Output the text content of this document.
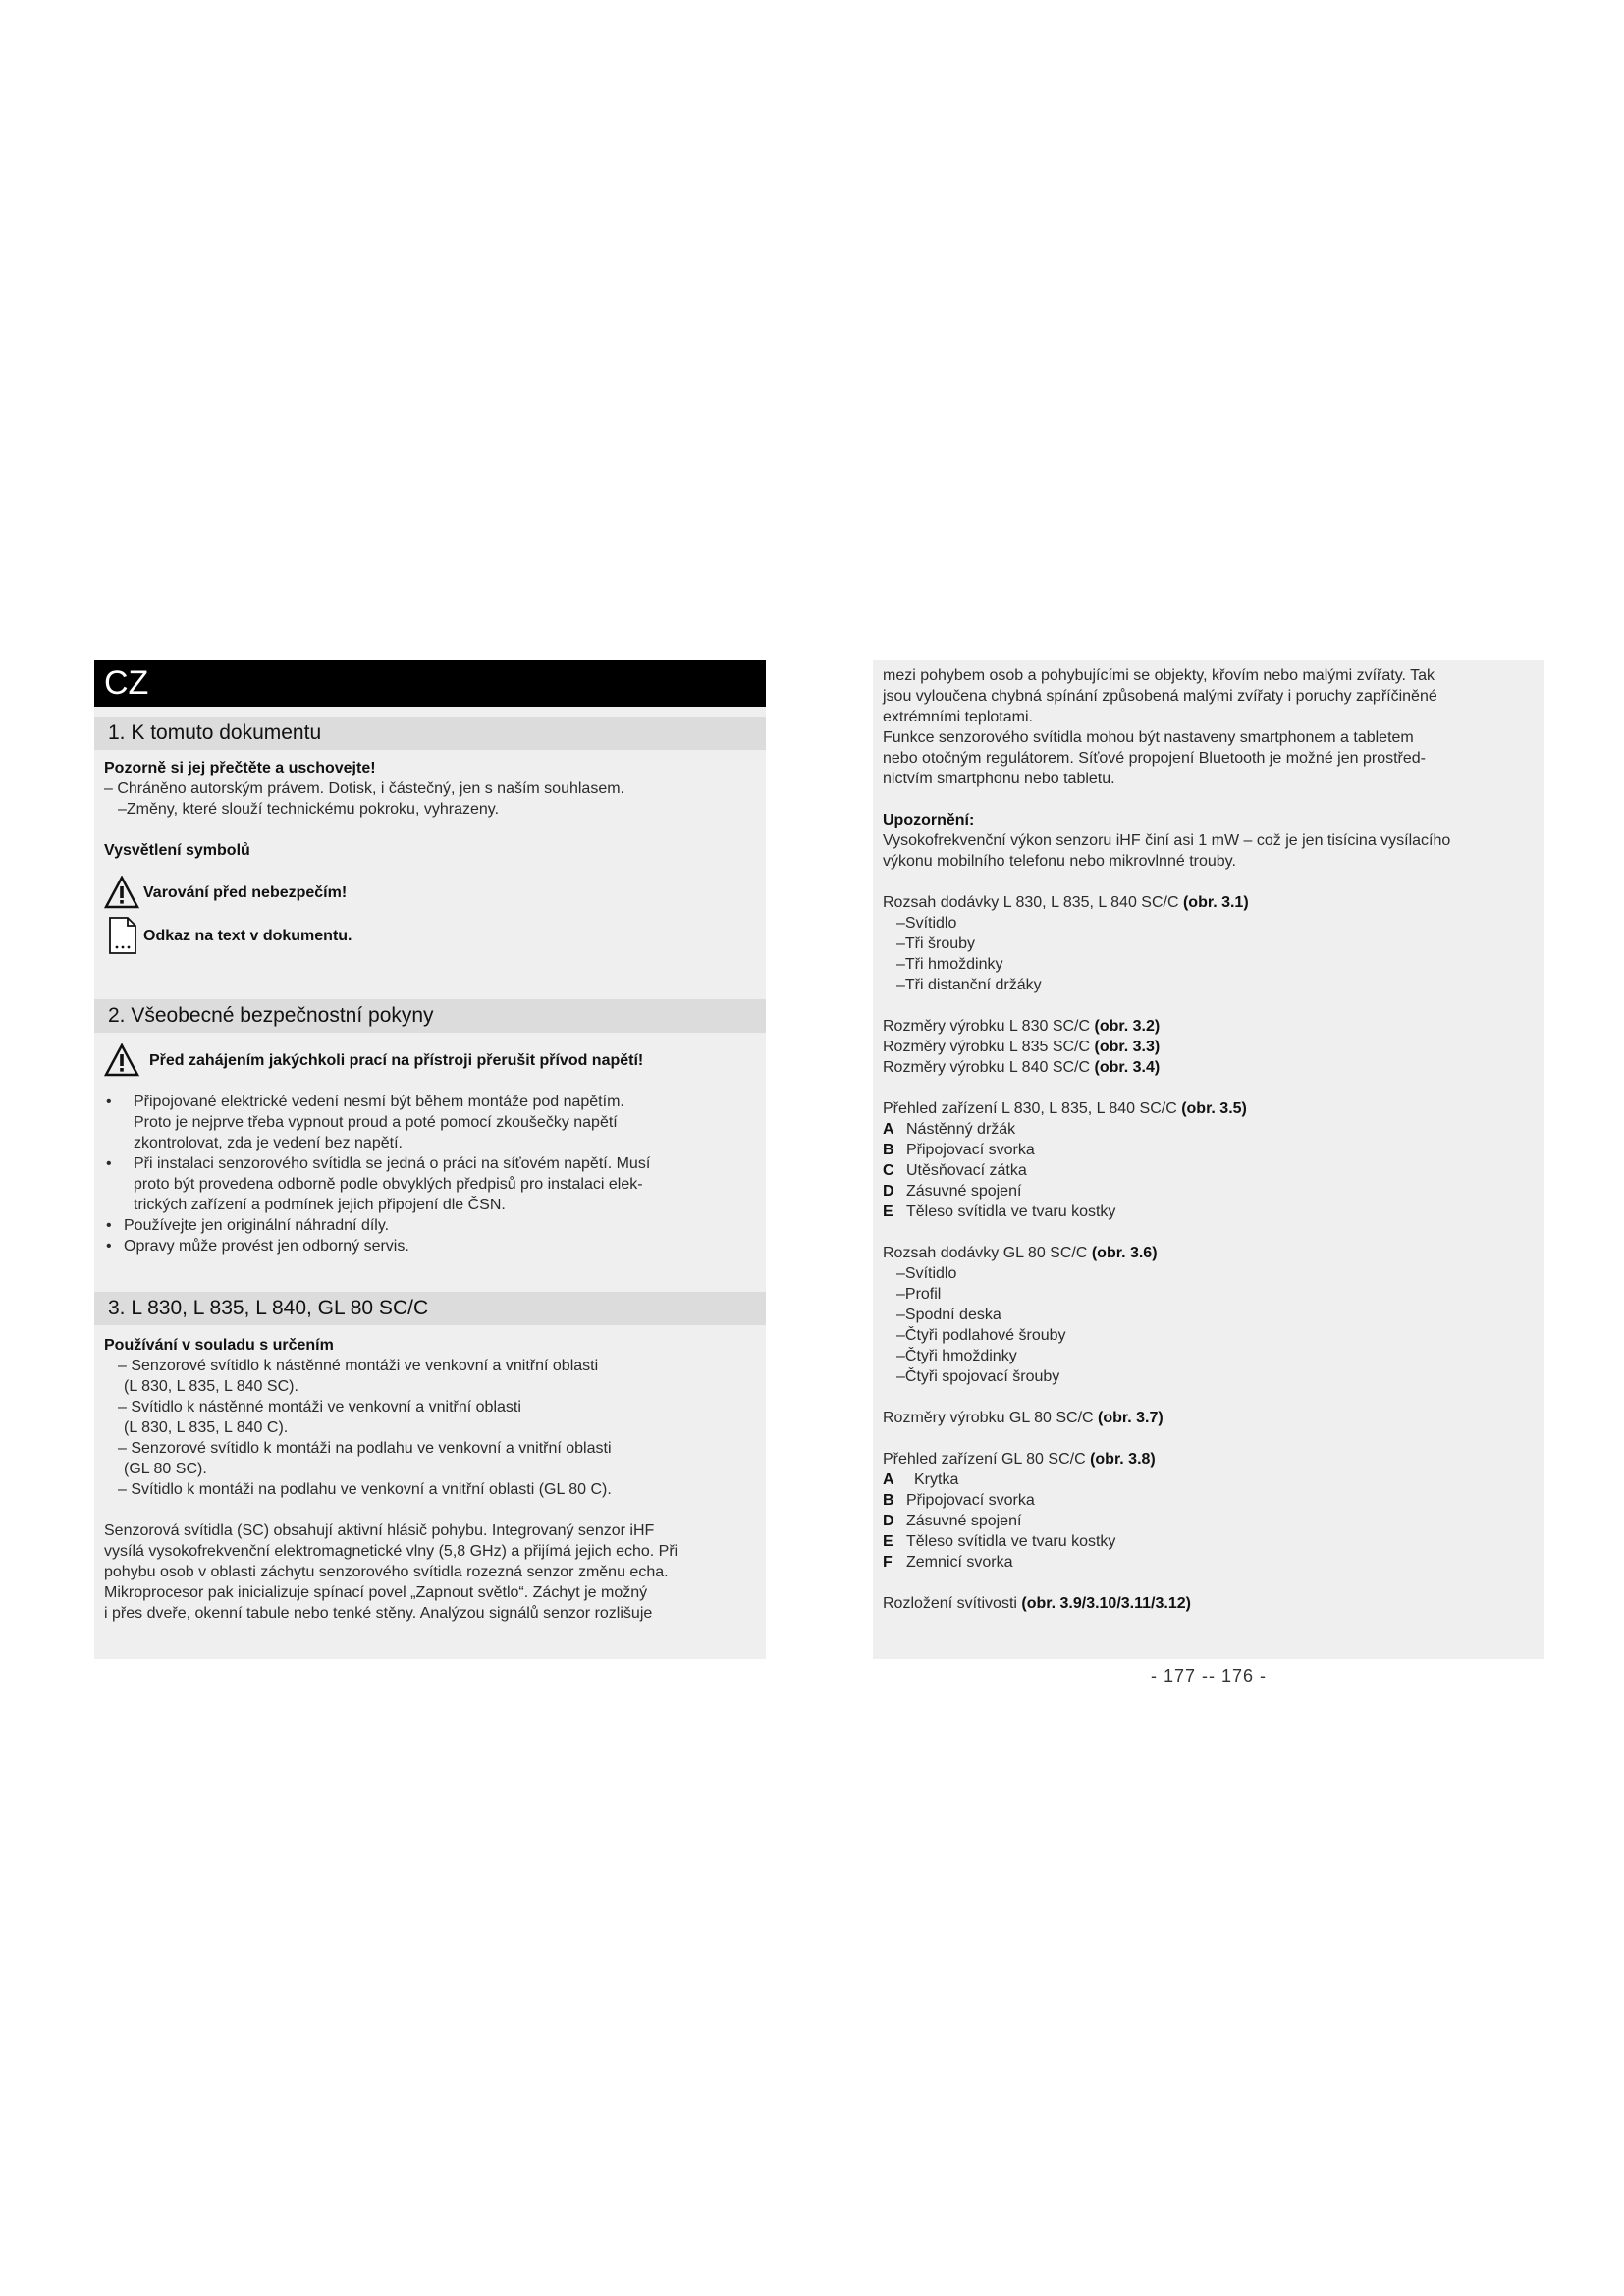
CZ
1. K tomuto dokumentu

Pozorně si jej přečtěte a uschovejte!

– Chráněno autorským právem. Dotisk, i částečný, jen s naším souhlasem.

–Změny, které slouží technickému pokroku, vyhrazeny.

Vysvětlení symbolů

Varování před nebezpečím!
Odkaz na text v dokumentu.
2. Všeobecné bezpečnostní pokyny
Před zahájením jakýchkoli prací na přístroji přerušit přívod napětí!
• Připojované elektrické vedení nesmí být během montáže pod napětím.

Proto je nejprve třeba vypnout proud a poté pomocí zkoušečky napětí

zkontrolovat, zda je vedení bez napětí.

• Při instalaci senzorového svítidla se jedná o práci na síťovém napětí. Musí

proto být provedena odborně podle obvyklých předpisů pro instalaci elek-

trických zařízení a podmínek jejich připojení dle ČSN.

• Používejte jen originální náhradní díly.

• Opravy může provést jen odborný servis.

3. L 830, L 835, L 840, GL 80 SC/C

Používání v souladu s určením

– Senzorové svítidlo k nástěnné montáži ve venkovní a vnitřní oblasti

(L 830, L 835, L 840 SC).

– Svítidlo k nástěnné montáži ve venkovní a vnitřní oblasti

(L 830, L 835, L 840 C).

– Senzorové svítidlo k montáži na podlahu ve venkovní a vnitřní oblasti

(GL 80 SC).

– Svítidlo k montáži na podlahu ve venkovní a vnitřní oblasti (GL 80 C).

Senzorová svítidla (SC) obsahují aktivní hlásič pohybu. Integrovaný senzor iHF

vysílá vysokofrekvenční elektromagnetické vlny (5,8 GHz) a přijímá jejich echo. Při

pohybu osob v oblasti záchytu senzorového svítidla rozezná senzor změnu echa.

Mikroprocesor pak inicializuje spínací povel „Zapnout světlo“. Záchyt je možný

i přes dveře, okenní tabule nebo tenké stěny. Analýzou signálů senzor rozlišuje

mezi pohybem osob a pohybujícími se objekty, křovím nebo malými zvířaty. Tak

jsou vyloučena chybná spínání způsobená malými zvířaty i poruchy zapříčiněné

extrémními teplotami.

Funkce senzorového svítidla mohou být nastaveny smartphonem a tabletem

nebo otočným regulátorem. Síťové propojení Bluetooth je možné jen prostřed-

nictvím smartphonu nebo tabletu.

Upozornění:

Vysokofrekvenční výkon senzoru iHF činí asi 1 mW – což je jen tisícina vysílacího

výkonu mobilního telefonu nebo mikrovlnné trouby.

Rozsah dodávky L 830, L 835, L 840 SC/C (obr. 3.1)

–Svítidlo

–Tři šrouby

–Tři hmoždinky

–Tři distanční držáky

Rozměry výrobku L 830 SC/C (obr. 3.2)

Rozměry výrobku L 835 SC/C (obr. 3.3)

Rozměry výrobku L 840 SC/C (obr. 3.4)

Přehled zařízení L 830, L 835, L 840 SC/C (obr. 3.5)

A Nástěnný držák

B Připojovací svorka

C Utěsňovací zátka

D Zásuvné spojení

E Těleso svítidla ve tvaru kostky

Rozsah dodávky GL 80 SC/C (obr. 3.6)

–Svítidlo

–Profil

–Spodní deska

–Čtyři podlahové šrouby

–Čtyři hmoždinky

–Čtyři spojovací šrouby

Rozměry výrobku GL 80 SC/C (obr. 3.7)

Přehled zařízení GL 80 SC/C (obr. 3.8)

A Krytka

B Připojovací svorka

D Zásuvné spojení

E Těleso svítidla ve tvaru kostky

F Zemnicí svorka

Rozložení svítivosti (obr. 3.9/3.10/3.11/3.12)

- 177 -- 176 -
